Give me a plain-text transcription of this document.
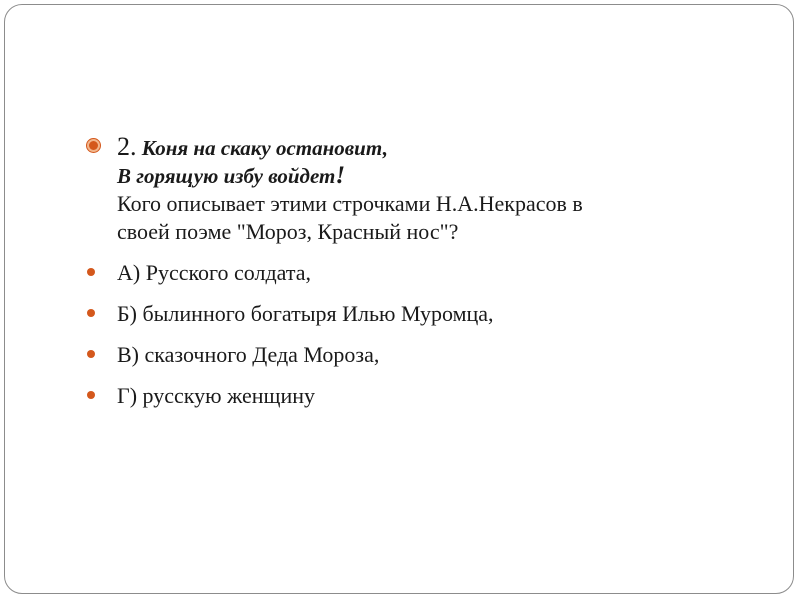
2. Коня на скаку остановит,
В горящую избу войдет!
Кого описывает этими строчками Н.А.Некрасов в
своей поэме "Мороз, Красный нос"?
А) Русского солдата,
Б) былинного богатыря Илью Муромца,
В) сказочного Деда Мороза,
Г) русскую женщину
